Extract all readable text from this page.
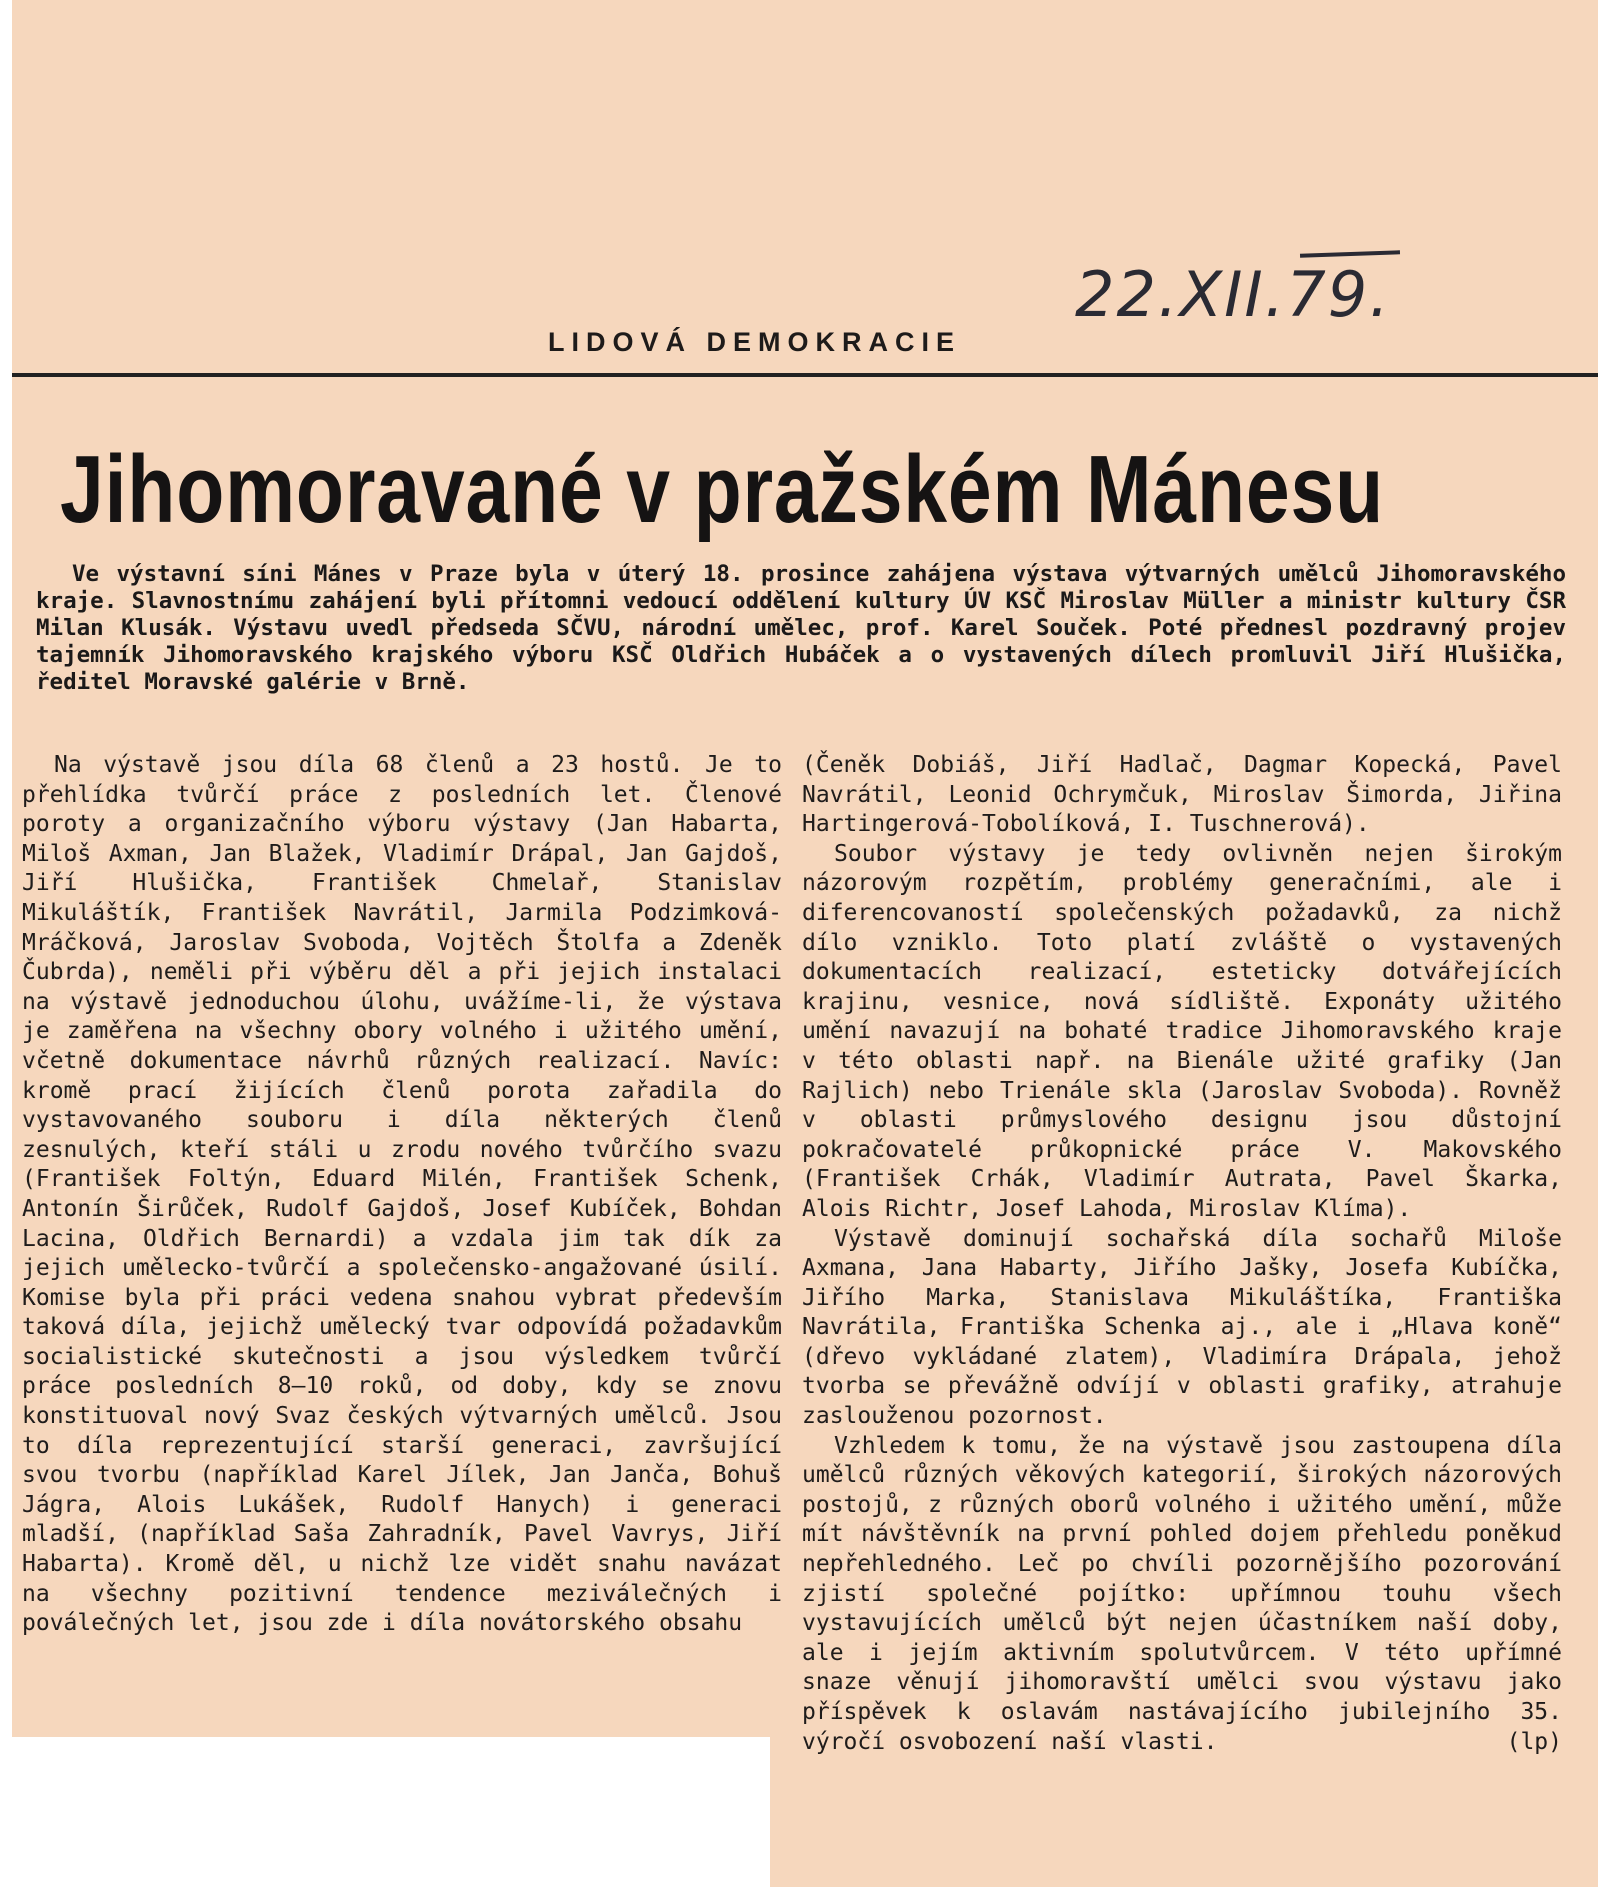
22.XII.79.
LIDOVÁ DEMOKRACIE
Jihomoravané v pražském Mánesu
Ve výstavní síni Mánes v Praze byla v úterý 18. prosince zahájena výstava výtvarných umělců Jihomoravského kraje. Slavnostnímu zahájení byli přítomni vedoucí oddělení kultury ÚV KSČ Miroslav Müller a ministr kultury ČSR Milan Klusák. Výstavu uvedl předseda SČVU, národní umělec, prof. Karel Souček. Poté přednesl pozdravný projev tajemník Jihomoravského krajského výboru KSČ Oldřich Hubáček a o vystavených dílech promluvil Jiří Hlušička, ředitel Moravské galérie v Brně.

Na výstavě jsou díla 68 členů a 23 hostů. Je to přehlídka tvůrčí práce z posledních let. Členové poroty a organizačního výboru výstavy (Jan Habarta, Miloš Axman, Jan Blažek, Vladimír Drápal, Jan Gajdoš, Jiří Hlušička, František Chmelař, Stanislav Mikuláštík, František Navrátil, Jarmila Podzimková-Mráčková, Jaroslav Svoboda, Vojtěch Štolfa a Zdeněk Čubrda), neměli při výběru děl a při jejich instalaci na výstavě jednoduchou úlohu, uvážíme-li, že výstava je zaměřena na všechny obory volného i užitého umění, včetně dokumentace návrhů různých realizací. Navíc: kromě prací žijících členů porota zařadila do vystavovaného souboru i díla některých členů zesnulých, kteří stáli u zrodu nového tvůrčího svazu (František Foltýn, Eduard Milén, František Schenk, Antonín Širůček, Rudolf Gajdoš, Josef Kubíček, Bohdan Lacina, Oldřich Bernardi) a vzdala jim tak dík za jejich umělecko-tvůrčí a společensko-angažované úsilí. Komise byla při práci vedena snahou vybrat především taková díla, jejichž umělecký tvar odpovídá požadavkům socialistické skutečnosti a jsou výsledkem tvůrčí práce posledních 8—10 roků, od doby, kdy se znovu konstituoval nový Svaz českých výtvarných umělců. Jsou to díla reprezentující starší generaci, završující svou tvorbu (například Karel Jílek, Jan Janča, Bohuš Jágra, Alois Lukášek, Rudolf Hanych) i generaci mladší, (například Saša Zahradník, Pavel Vavrys, Jiří Habarta). Kromě děl, u nichž lze vidět snahu navázat na všechny pozitivní tendence meziválečných i poválečných let, jsou zde i díla novátorského obsahu

(Čeněk Dobiáš, Jiří Hadlač, Dagmar Kopecká, Pavel Navrátil, Leonid Ochrymčuk, Miroslav Šimorda, Jiřina Hartingerová-Tobolíková, I. Tuschnerová).

Soubor výstavy je tedy ovlivněn nejen širokým názorovým rozpětím, problémy generačními, ale i diferencovaností společenských požadavků, za nichž dílo vzniklo. Toto platí zvláště o vystavených dokumentacích realizací, esteticky dotvářejících krajinu, vesnice, nová sídliště. Exponáty užitého umění navazují na bohaté tradice Jihomoravského kraje v této oblasti např. na Bienále užité grafiky (Jan Rajlich) nebo Trienále skla (Jaroslav Svoboda). Rovněž v oblasti průmyslového designu jsou důstojní pokračovatelé průkopnické práce V. Makovského (František Crhák, Vladimír Autrata, Pavel Škarka, Alois Richtr, Josef Lahoda, Miroslav Klíma).

Výstavě dominují sochařská díla sochařů Miloše Axmana, Jana Habarty, Jiřího Jašky, Josefa Kubíčka, Jiřího Marka, Stanislava Mikuláštíka, Františka Navrátila, Františka Schenka aj., ale i „Hlava koně“ (dřevo vykládané zlatem), Vladimíra Drápala, jehož tvorba se převážně odvíjí v oblasti grafiky, atrahuje zaslouženou pozornost.

Vzhledem k tomu, že na výstavě jsou zastoupena díla umělců různých věkových kategorií, širokých názorových postojů, z různých oborů volného i užitého umění, může mít návštěvník na první pohled dojem přehledu poněkud nepřehledného. Leč po chvíli pozornějšího pozorování zjistí společné pojítko: upřímnou touhu všech vystavujících umělců být nejen účastníkem naší doby, ale i jejím aktivním spolutvůrcem. V této upřímné snaze věnují jihomoravští umělci svou výstavu jako příspěvek k oslavám nastávajícího jubilejního 35. výročí osvobození naší vlasti.	(lp)
